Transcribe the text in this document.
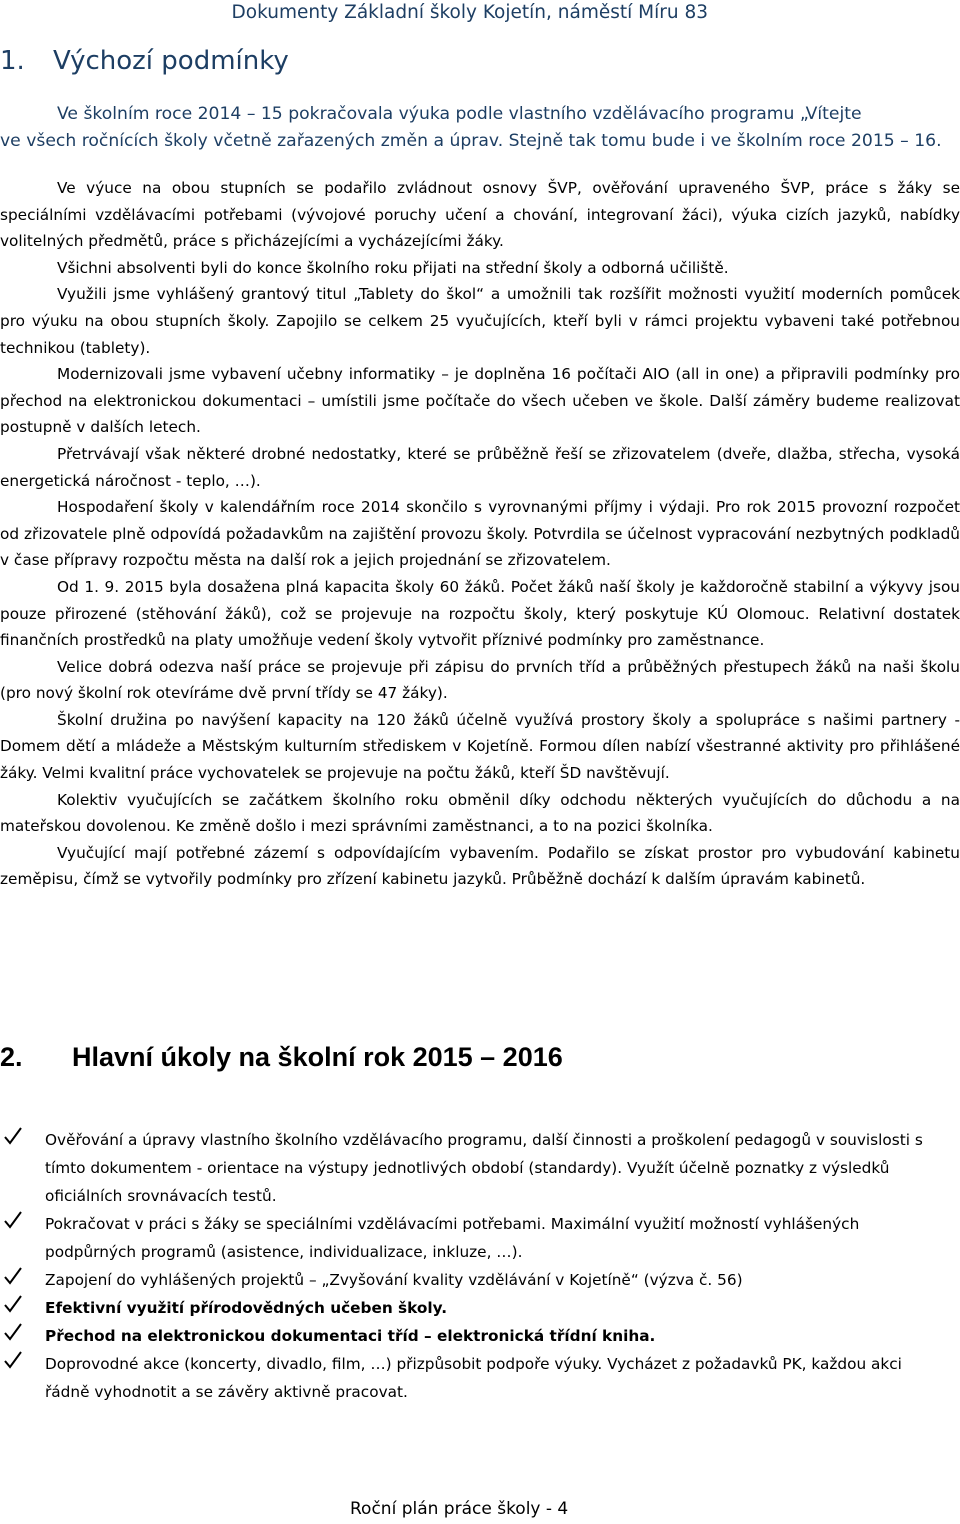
Dokumenty Základní školy Kojetín, náměstí Míru 83
1. Výchozí podmínky

Ve školním roce 2014 – 15 pokračovala výuka podle vlastního vzdělávacího programu „Vítejte

ve všech ročnících školy včetně zařazených změn a úprav. Stejně tak tomu bude i ve školním roce 2015 – 16.

Ve výuce na obou stupních se podařilo zvládnout osnovy ŠVP, ověřování upraveného ŠVP, práce s žáky se speciálními vzdělávacími potřebami (vývojové poruchy učení a chování, integrovaní žáci), výuka cizích jazyků, nabídky volitelných předmětů, práce s přicházejícími a vycházejícími žáky.

Všichni absolventi byli do konce školního roku přijati na střední školy a odborná učiliště.

Využili jsme vyhlášený grantový titul „Tablety do škol“ a umožnili tak rozšířit možnosti využití moderních pomůcek pro výuku na obou stupních školy. Zapojilo se celkem 25 vyučujících, kteří byli v rámci projektu vybaveni také potřebnou technikou (tablety).

Modernizovali jsme vybavení učebny informatiky – je doplněna 16 počítači AIO (all in one) a připravili podmínky pro přechod na elektronickou dokumentaci – umístili jsme počítače do všech učeben ve škole. Další záměry budeme realizovat postupně v dalších letech.

Přetrvávají však některé drobné nedostatky, které se průběžně řeší se zřizovatelem (dveře, dlažba, střecha, vysoká energetická náročnost - teplo, …).

Hospodaření školy v kalendářním roce 2014 skončilo s vyrovnanými příjmy i výdaji. Pro rok 2015 provozní rozpočet od zřizovatele plně odpovídá požadavkům na zajištění provozu školy. Potvrdila se účelnost vypracování nezbytných podkladů v čase přípravy rozpočtu města na další rok a jejich projednání se zřizovatelem.

Od 1. 9. 2015 byla dosažena plná kapacita školy 60 žáků. Počet žáků naší školy je každoročně stabilní a výkyvy jsou pouze přirozené (stěhování žáků), což se projevuje na rozpočtu školy, který poskytuje KÚ Olomouc. Relativní dostatek finančních prostředků na platy umožňuje vedení školy vytvořit příznivé podmínky pro zaměstnance.

Velice dobrá odezva naší práce se projevuje při zápisu do prvních tříd a průběžných přestupech žáků na naši školu (pro nový školní rok otevíráme dvě první třídy se 47 žáky).

Školní družina po navýšení kapacity na 120 žáků účelně využívá prostory školy a spolupráce s našimi partnery - Domem dětí a mládeže a Městským kulturním střediskem v Kojetíně. Formou dílen nabízí všestranné aktivity pro přihlášené žáky. Velmi kvalitní práce vychovatelek se projevuje na počtu žáků, kteří ŠD navštěvují.

Kolektiv vyučujících se začátkem školního roku obměnil díky odchodu některých vyučujících do důchodu a na mateřskou dovolenou. Ke změně došlo i mezi správními zaměstnanci, a to na pozici školníka.

Vyučující mají potřebné zázemí s odpovídajícím vybavením. Podařilo se získat prostor pro vybudování kabinetu zeměpisu, čímž se vytvořily podmínky pro zřízení kabinetu jazyků. Průběžně dochází k dalším úpravám kabinetů.

2. Hlavní úkoly na školní rok 2015 – 2016
Ověřování a úpravy vlastního školního vzdělávacího programu, další činnosti a proškolení pedagogů v souvislosti s tímto dokumentem - orientace na výstupy jednotlivých období (standardy). Využít účelně poznatky z výsledků oficiálních srovnávacích testů.
Pokračovat v práci s žáky se speciálními vzdělávacími potřebami. Maximální využití možností vyhlášených podpůrných programů (asistence, individualizace, inkluze, …).
Zapojení do vyhlášených projektů – „Zvyšování kvality vzdělávání v Kojetíně“ (výzva č. 56)
Efektivní využití přírodovědných učeben školy.
Přechod na elektronickou dokumentaci tříd – elektronická třídní kniha.
Doprovodné akce (koncerty, divadlo, film, …) přizpůsobit podpoře výuky. Vycházet z požadavků PK, každou akci řádně vyhodnotit a se závěry aktivně pracovat.
Roční plán práce školy - 4
